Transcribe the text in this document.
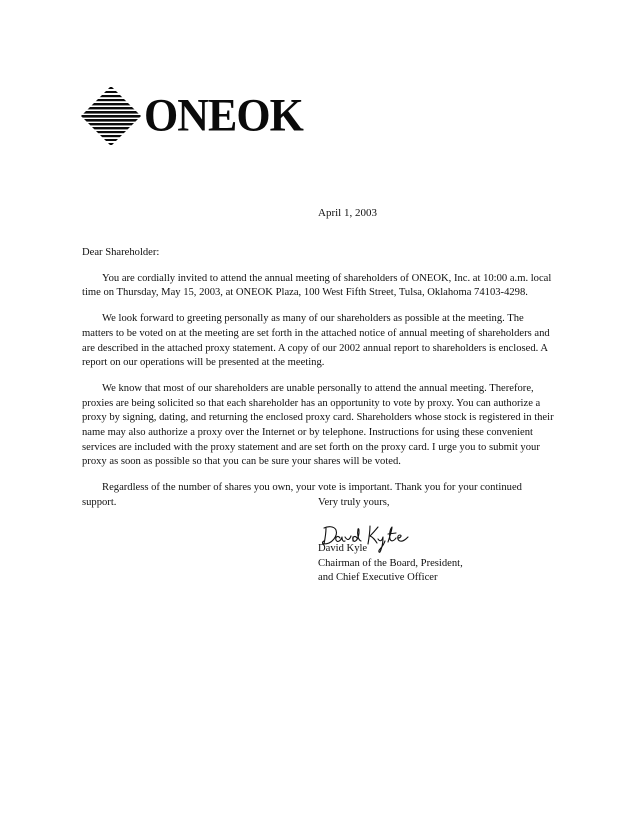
ONEOK
April 1, 2003

Dear Shareholder:

You are cordially invited to attend the annual meeting of shareholders of ONEOK, Inc. at 10:00 a.m. local time on Thursday, May 15, 2003, at ONEOK Plaza, 100 West Fifth Street, Tulsa, Oklahoma 74103-4298.

We look forward to greeting personally as many of our shareholders as possible at the meeting. The matters to be voted on at the meeting are set forth in the attached notice of annual meeting of shareholders and are described in the attached proxy statement. A copy of our 2002 annual report to shareholders is enclosed. A report on our operations will be presented at the meeting.

We know that most of our shareholders are unable personally to attend the annual meeting. Therefore, proxies are being solicited so that each shareholder has an opportunity to vote by proxy. You can authorize a proxy by signing, dating, and returning the enclosed proxy card. Shareholders whose stock is registered in their name may also authorize a proxy over the Internet or by telephone. Instructions for using these convenient services are included with the proxy statement and are set forth on the proxy card. I urge you to submit your proxy as soon as possible so that you can be sure your shares will be voted.

Regardless of the number of shares you own, your vote is important. Thank you for your continued support.	Very truly yours,
David Kyle
Chairman of the Board, President,
and Chief Executive Officer
